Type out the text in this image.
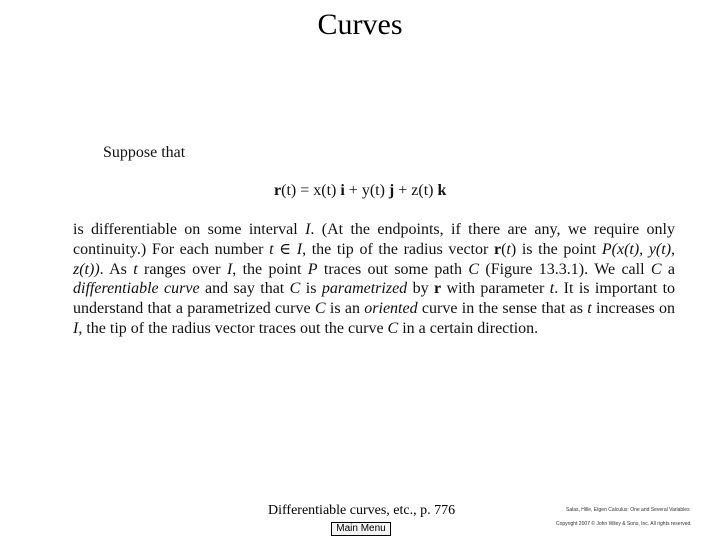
Curves
Suppose that
r(t) = x(t) i + y(t) j + z(t) k
is differentiable on some interval I. (At the endpoints, if there are any, we require only continuity.) For each number t ∈ I, the tip of the radius vector r(t) is the point P(x(t), y(t), z(t)). As t ranges over I, the point P traces out some path C (Figure 13.3.1). We call C a differentiable curve and say that C is parametrized by r with parameter t. It is important to understand that a parametrized curve C is an oriented curve in the sense that as t increases on I, the tip of the radius vector traces out the curve C in a certain direction.
Differentiable curves, etc., p. 776
Main Menu
Salas, Hille, Etgen Calculus: One and Several Variables
Copyright 2007 © John Wiley & Sons, Inc. All rights reserved.
